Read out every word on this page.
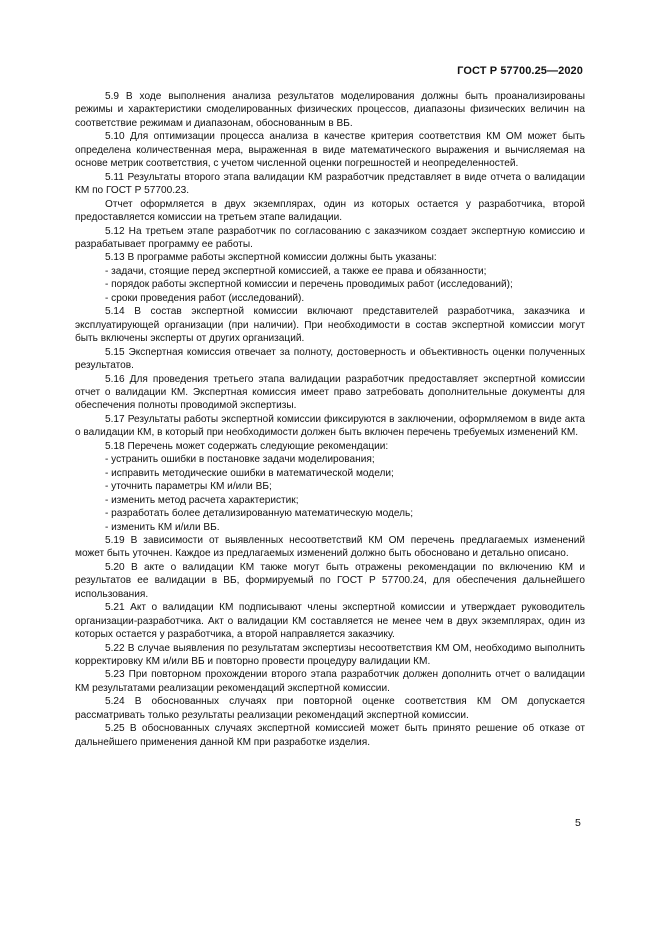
ГОСТ Р 57700.25—2020
5.9 В ходе выполнения анализа результатов моделирования должны быть проанализированы режимы и характеристики смоделированных физических процессов, диапазоны физических величин на соответствие режимам и диапазонам, обоснованным в ВБ.
5.10 Для оптимизации процесса анализа в качестве критерия соответствия КМ ОМ может быть определена количественная мера, выраженная в виде математического выражения и вычисляемая на основе метрик соответствия, с учетом численной оценки погрешностей и неопределенностей.
5.11 Результаты второго этапа валидации КМ разработчик представляет в виде отчета о валидации КМ по ГОСТ Р 57700.23.
Отчет оформляется в двух экземплярах, один из которых остается у разработчика, второй предоставляется комиссии на третьем этапе валидации.
5.12 На третьем этапе разработчик по согласованию с заказчиком создает экспертную комиссию и разрабатывает программу ее работы.
5.13 В программе работы экспертной комиссии должны быть указаны:
- задачи, стоящие перед экспертной комиссией, а также ее права и обязанности;
- порядок работы экспертной комиссии и перечень проводимых работ (исследований);
- сроки проведения работ (исследований).
5.14 В состав экспертной комиссии включают представителей разработчика, заказчика и эксплуатирующей организации (при наличии). При необходимости в состав экспертной комиссии могут быть включены эксперты от других организаций.
5.15 Экспертная комиссия отвечает за полноту, достоверность и объективность оценки полученных результатов.
5.16 Для проведения третьего этапа валидации разработчик предоставляет экспертной комиссии отчет о валидации КМ. Экспертная комиссия имеет право затребовать дополнительные документы для обеспечения полноты проводимой экспертизы.
5.17 Результаты работы экспертной комиссии фиксируются в заключении, оформляемом в виде акта о валидации КМ, в который при необходимости должен быть включен перечень требуемых изменений КМ.
5.18 Перечень может содержать следующие рекомендации:
- устранить ошибки в постановке задачи моделирования;
- исправить методические ошибки в математической модели;
- уточнить параметры КМ и/или ВБ;
- изменить метод расчета характеристик;
- разработать более детализированную математическую модель;
- изменить КМ и/или ВБ.
5.19 В зависимости от выявленных несоответствий КМ ОМ перечень предлагаемых изменений может быть уточнен. Каждое из предлагаемых изменений должно быть обосновано и детально описано.
5.20 В акте о валидации КМ также могут быть отражены рекомендации по включению КМ и результатов ее валидации в ВБ, формируемый по ГОСТ Р 57700.24, для обеспечения дальнейшего использования.
5.21 Акт о валидации КМ подписывают члены экспертной комиссии и утверждает руководитель организации-разработчика. Акт о валидации КМ составляется не менее чем в двух экземплярах, один из которых остается у разработчика, а второй направляется заказчику.
5.22 В случае выявления по результатам экспертизы несоответствия КМ ОМ, необходимо выполнить корректировку КМ и/или ВБ и повторно провести процедуру валидации КМ.
5.23 При повторном прохождении второго этапа разработчик должен дополнить отчет о валидации КМ результатами реализации рекомендаций экспертной комиссии.
5.24 В обоснованных случаях при повторной оценке соответствия КМ ОМ допускается рассматривать только результаты реализации рекомендаций экспертной комиссии.
5.25 В обоснованных случаях экспертной комиссией может быть принято решение об отказе от дальнейшего применения данной КМ при разработке изделия.
5
